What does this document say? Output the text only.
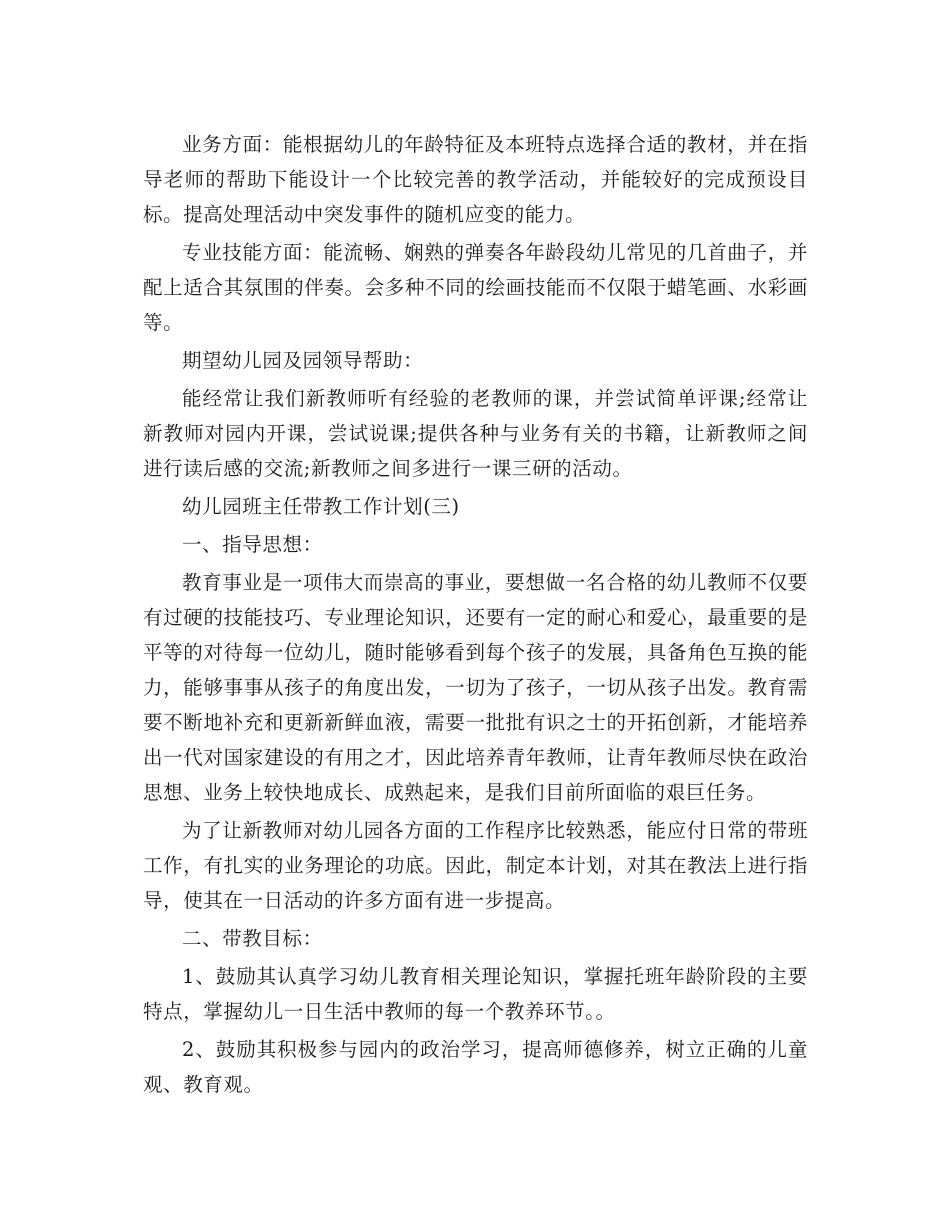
业务方面：能根据幼儿的年龄特征及本班特点选择合适的教材，并在指导老师的帮助下能设计一个比较完善的教学活动，并能较好的完成预设目标。提高处理活动中突发事件的随机应变的能力。

专业技能方面：能流畅、娴熟的弹奏各年龄段幼儿常见的几首曲子，并配上适合其氛围的伴奏。会多种不同的绘画技能而不仅限于蜡笔画、水彩画等。

期望幼儿园及园领导帮助：

能经常让我们新教师听有经验的老教师的课，并尝试简单评课;经常让新教师对园内开课，尝试说课;提供各种与业务有关的书籍，让新教师之间进行读后感的交流;新教师之间多进行一课三研的活动。

幼儿园班主任带教工作计划(三)

一、指导思想：

教育事业是一项伟大而崇高的事业，要想做一名合格的幼儿教师不仅要有过硬的技能技巧、专业理论知识，还要有一定的耐心和爱心，最重要的是平等的对待每一位幼儿，随时能够看到每个孩子的发展，具备角色互换的能力，能够事事从孩子的角度出发，一切为了孩子，一切从孩子出发。教育需要不断地补充和更新新鲜血液，需要一批批有识之士的开拓创新，才能培养出一代对国家建设的有用之才，因此培养青年教师，让青年教师尽快在政治思想、业务上较快地成长、成熟起来，是我们目前所面临的艰巨任务。

为了让新教师对幼儿园各方面的工作程序比较熟悉，能应付日常的带班工作，有扎实的业务理论的功底。因此，制定本计划，对其在教法上进行指导，使其在一日活动的许多方面有进一步提高。

二、带教目标：

1、鼓励其认真学习幼儿教育相关理论知识，掌握托班年龄阶段的主要特点，掌握幼儿一日生活中教师的每一个教养环节。。

2、鼓励其积极参与园内的政治学习，提高师德修养，树立正确的儿童观、教育观。
